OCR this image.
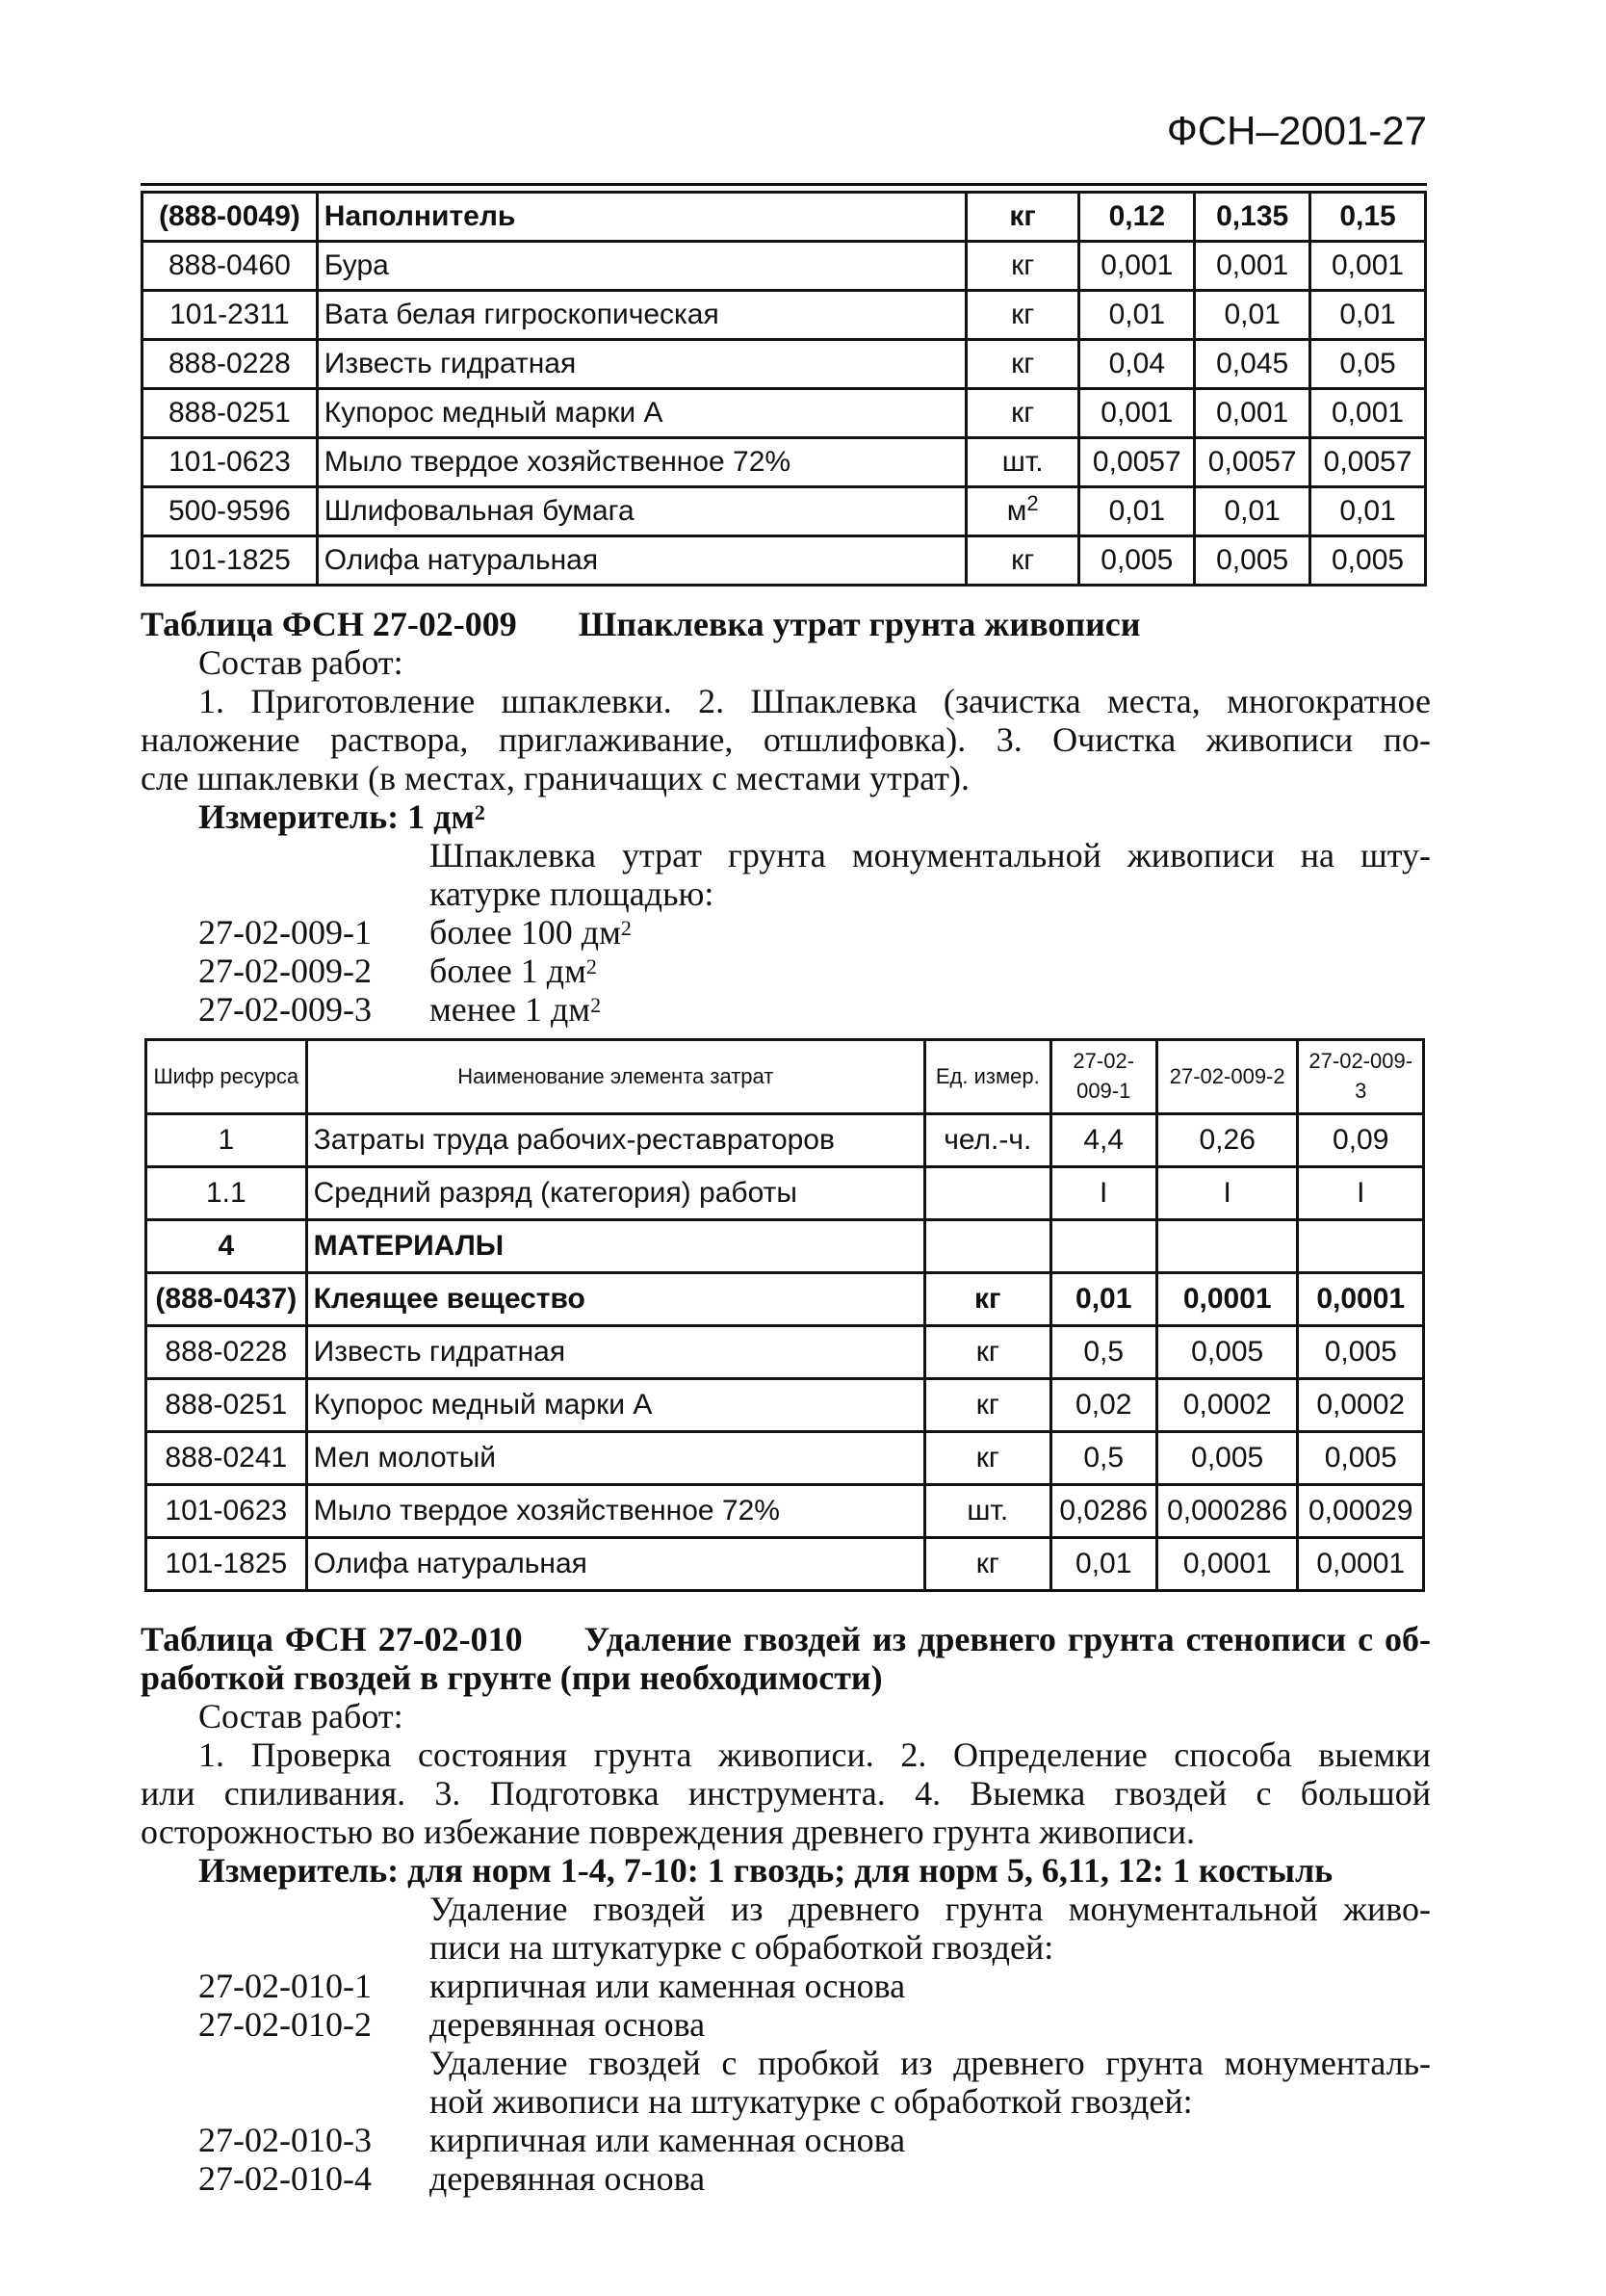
ФСН–2001-27
(888-0049)	Наполнитель	кг	0,12	0,135	0,15
888-0460	Бура	кг	0,001	0,001	0,001
101-2311	Вата белая гигроскопическая	кг	0,01	0,01	0,01
888-0228	Известь гидратная	кг	0,04	0,045	0,05
888-0251	Купорос медный марки А	кг	0,001	0,001	0,001
101-0623	Мыло твердое хозяйственное 72%	шт.	0,0057	0,0057	0,0057
500-9596	Шлифовальная бумага	$м^2$	0,01	0,01	0,01
101-1825	Олифа натуральная	кг	0,005	0,005	0,005

Таблица ФСН 27-02-009 Шпаклевка утрат грунта живописи

Состав работ:

1. Приготовление шпаклевки. 2. Шпаклевка (зачистка места, многократное

наложение раствора, приглаживание, отшлифовка). 3. Очистка живописи по-

сле шпаклевки (в местах, граничащих с местами утрат).

Измеритель: 1 $дм^2$

Шпаклевка утрат грунта монументальной живописи на шту-

катурке площадью:

27-02-009-1	более 100 $дм^2$
27-02-009-2	более 1 $дм^2$
27-02-009-3	менее 1 $дм^2$
Шифр ресурса	Наименование элемента затрат	Ед. измер.	27-02-009-1	27-02-009-2	27-02-009-3
1	Затраты труда рабочих-реставраторов	чел.-ч.	4,4	0,26	0,09
1.1	Средний разряд (категория) работы		I	I	I
4	МАТЕРИАЛЫ				
(888-0437)	Клеящее вещество	кг	0,01	0,0001	0,0001
888-0228	Известь гидратная	кг	0,5	0,005	0,005
888-0251	Купорос медный марки А	кг	0,02	0,0002	0,0002
888-0241	Мел молотый	кг	0,5	0,005	0,005
101-0623	Мыло твердое хозяйственное 72%	шт.	0,0286	0,000286	0,00029
101-1825	Олифа натуральная	кг	0,01	0,0001	0,0001

Таблица ФСН 27-02-010 Удаление гвоздей из древнего грунта стенописи с об-

работкой гвоздей в грунте (при необходимости)

Состав работ:

1. Проверка состояния грунта живописи. 2. Определение способа выемки

или спиливания. 3. Подготовка инструмента. 4. Выемка гвоздей с большой

осторожностью во избежание повреждения древнего грунта живописи.

Измеритель: для норм 1-4, 7-10: 1 гвоздь; для норм 5, 6,11, 12: 1 костыль

Удаление гвоздей из древнего грунта монументальной живо-

писи на штукатурке с обработкой гвоздей:

27-02-010-1	кирпичная или каменная основа
27-02-010-2	деревянная основа

Удаление гвоздей с пробкой из древнего грунта монументаль-

ной живописи на штукатурке с обработкой гвоздей:

27-02-010-3	кирпичная или каменная основа
27-02-010-4	деревянная основа
